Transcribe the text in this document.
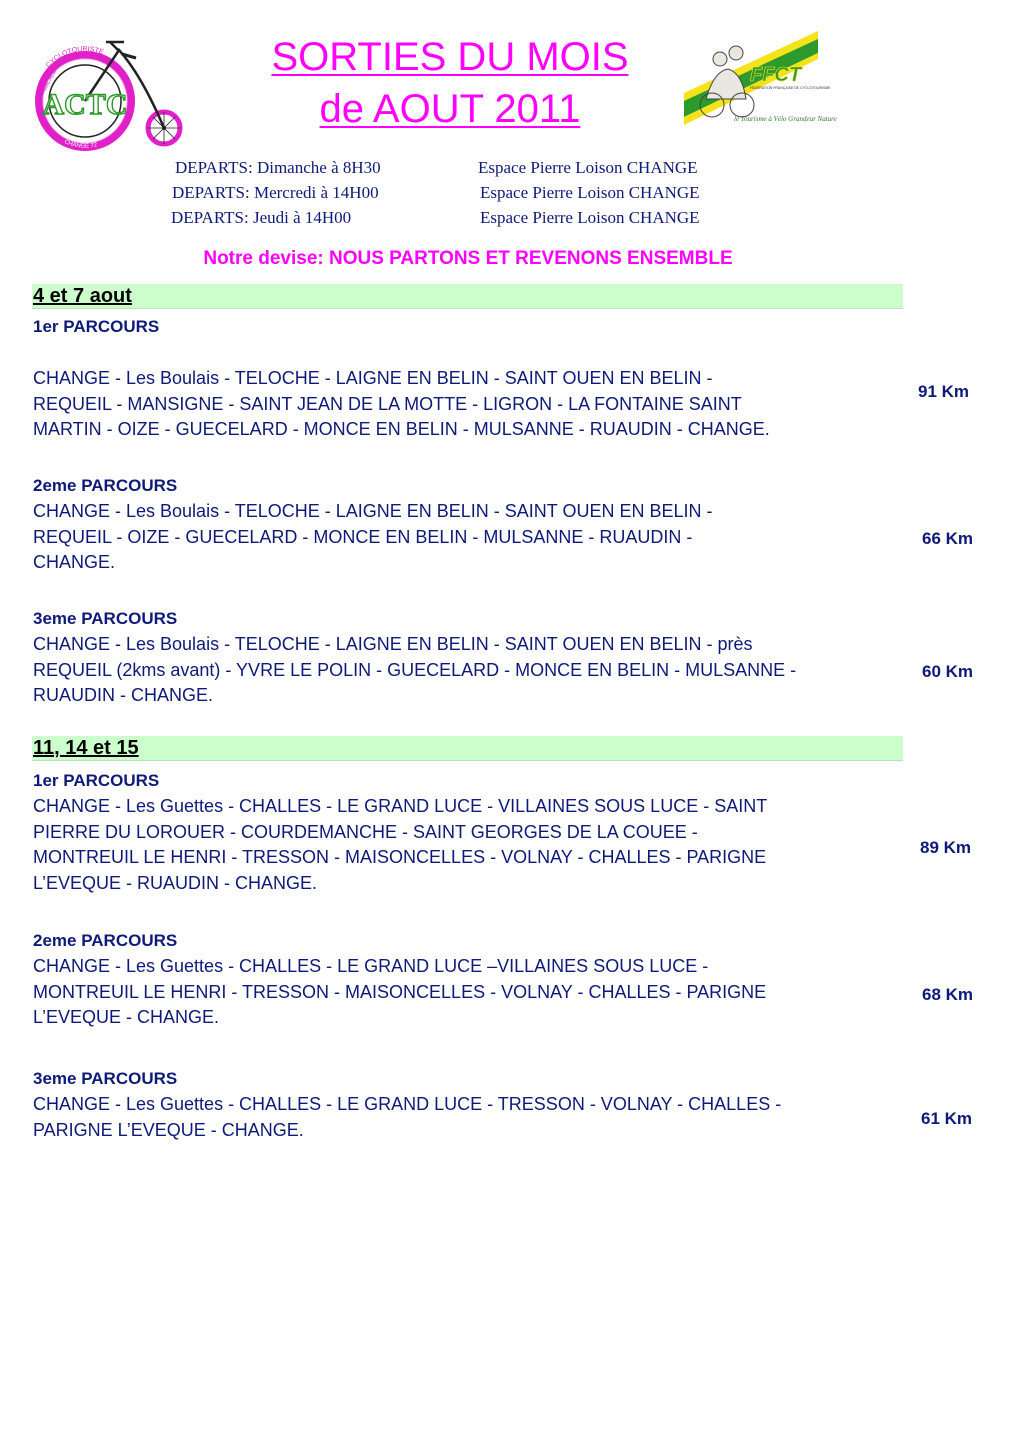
CYCLOTOURISTE
CHANGE 72
AMICALE
ACTC
SORTIES DU MOIS
de AOUT 2011
FFCT
FÉDÉRATION FRANÇAISE DE CYCLOTOURISME
le Tourisme à Vélo Grandeur Nature
DEPARTS: Dimanche à 8H30	Espace Pierre Loison CHANGE
DEPARTS: Mercredi à 14H00	Espace Pierre Loison CHANGE
DEPARTS: Jeudi à 14H00	Espace Pierre Loison CHANGE
Notre devise: NOUS PARTONS ET REVENONS ENSEMBLE
4 et 7 aout
1er PARCOURS
CHANGE - Les Boulais - TELOCHE - LAIGNE EN BELIN - SAINT OUEN EN BELIN -
REQUEIL - MANSIGNE - SAINT JEAN DE LA MOTTE - LIGRON - LA FONTAINE SAINT
MARTIN - OIZE - GUECELARD - MONCE EN BELIN - MULSANNE - RUAUDIN - CHANGE.
91 Km
2eme PARCOURS
CHANGE - Les Boulais - TELOCHE - LAIGNE EN BELIN - SAINT OUEN EN BELIN -
REQUEIL - OIZE - GUECELARD - MONCE EN BELIN - MULSANNE - RUAUDIN -
CHANGE.
66 Km
3eme PARCOURS
CHANGE - Les Boulais - TELOCHE - LAIGNE EN BELIN - SAINT OUEN EN BELIN - près
REQUEIL (2kms avant) - YVRE LE POLIN - GUECELARD - MONCE EN BELIN - MULSANNE -
RUAUDIN - CHANGE.
60 Km
11, 14 et 15
1er PARCOURS
CHANGE - Les Guettes - CHALLES - LE GRAND LUCE - VILLAINES SOUS LUCE - SAINT
PIERRE DU LOROUER - COURDEMANCHE - SAINT GEORGES DE LA COUEE -
MONTREUIL LE HENRI - TRESSON - MAISONCELLES - VOLNAY - CHALLES - PARIGNE
L’EVEQUE - RUAUDIN - CHANGE.
89 Km
2eme PARCOURS
CHANGE - Les Guettes - CHALLES - LE GRAND LUCE –VILLAINES SOUS LUCE -
MONTREUIL LE HENRI - TRESSON - MAISONCELLES - VOLNAY - CHALLES - PARIGNE
L’EVEQUE - CHANGE.
68 Km
3eme PARCOURS
CHANGE - Les Guettes - CHALLES - LE GRAND LUCE - TRESSON - VOLNAY - CHALLES -
PARIGNE L’EVEQUE - CHANGE.
61 Km
